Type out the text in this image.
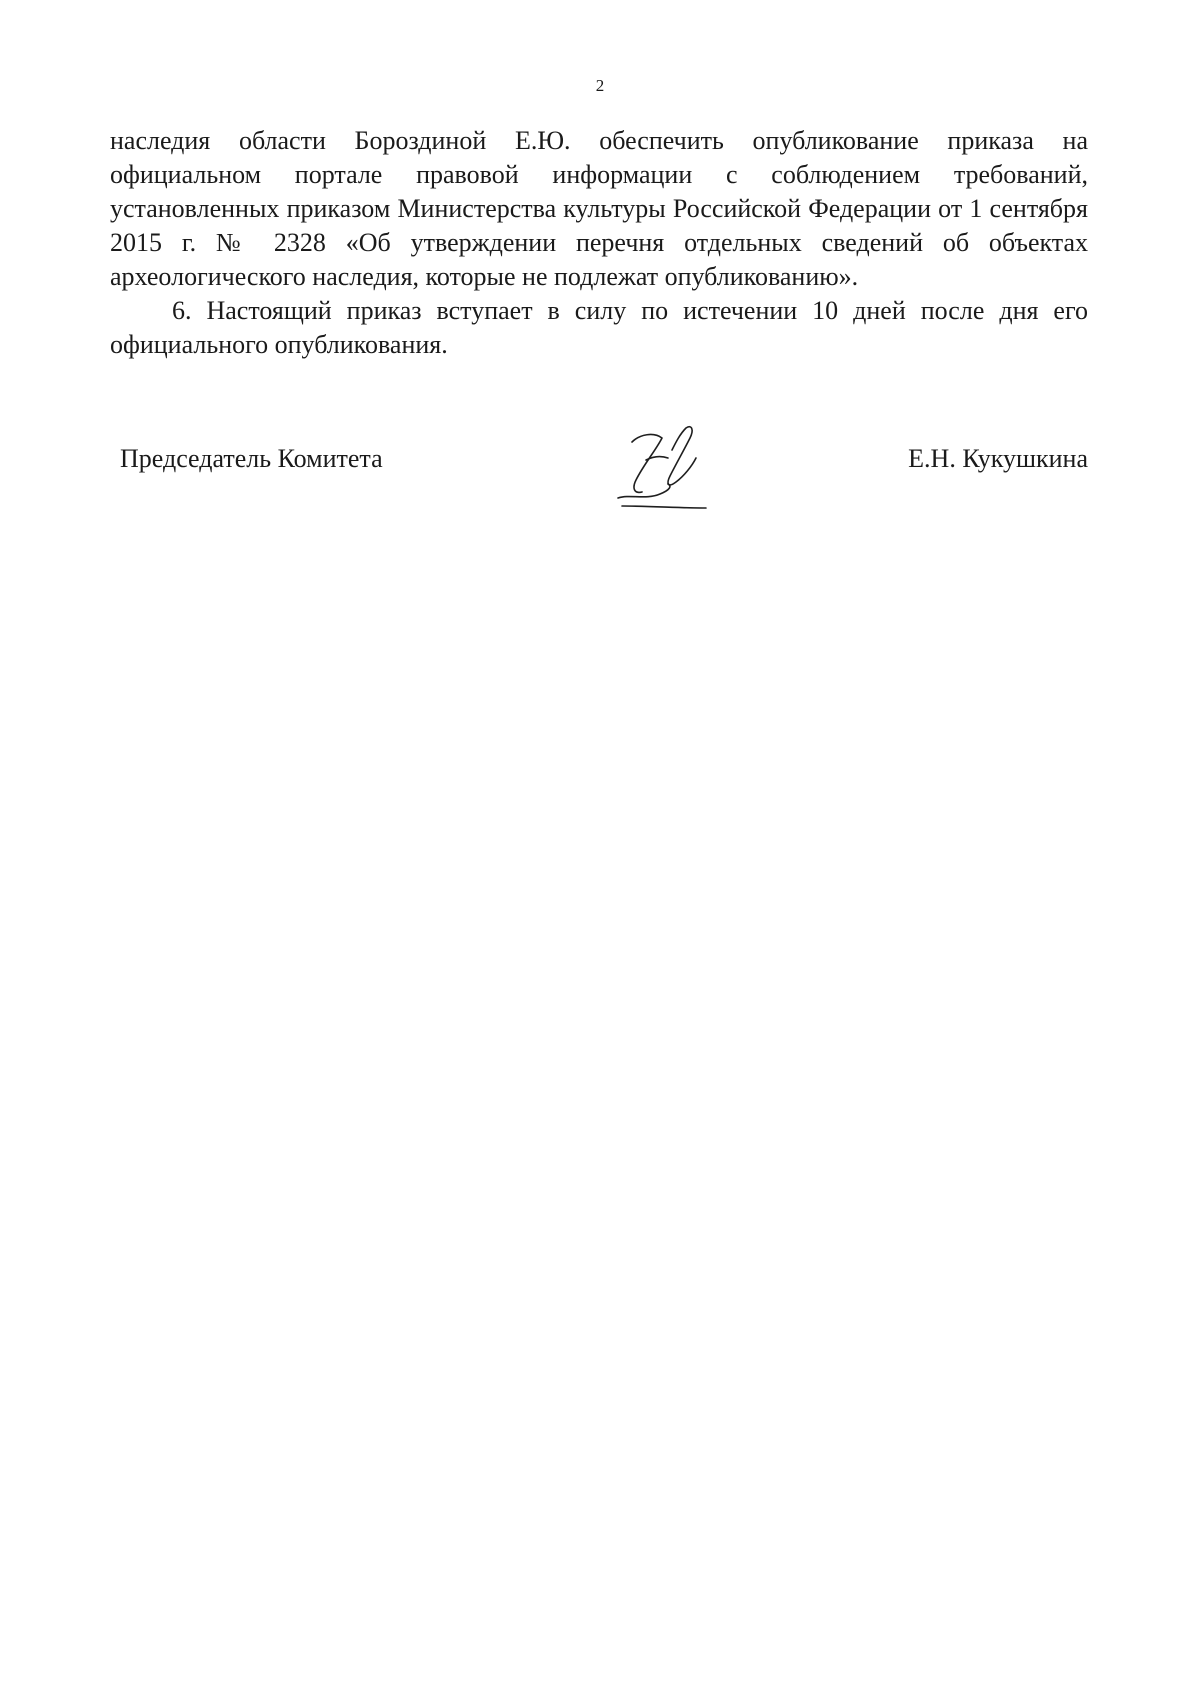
2

наследия области Бороздиной Е.Ю. обеспечить опубликование приказа на официальном портале правовой информации с соблюдением требований, установленных приказом Министерства культуры Российской Федерации от 1 сентября 2015 г. № 2328 «Об утверждении перечня отдельных сведений об объектах археологического наследия, которые не подлежат опубликованию».

6. Настоящий приказ вступает в силу по истечении 10 дней после дня его официального опубликования.

Председатель Комитета	Е.Н. Кукушкина
